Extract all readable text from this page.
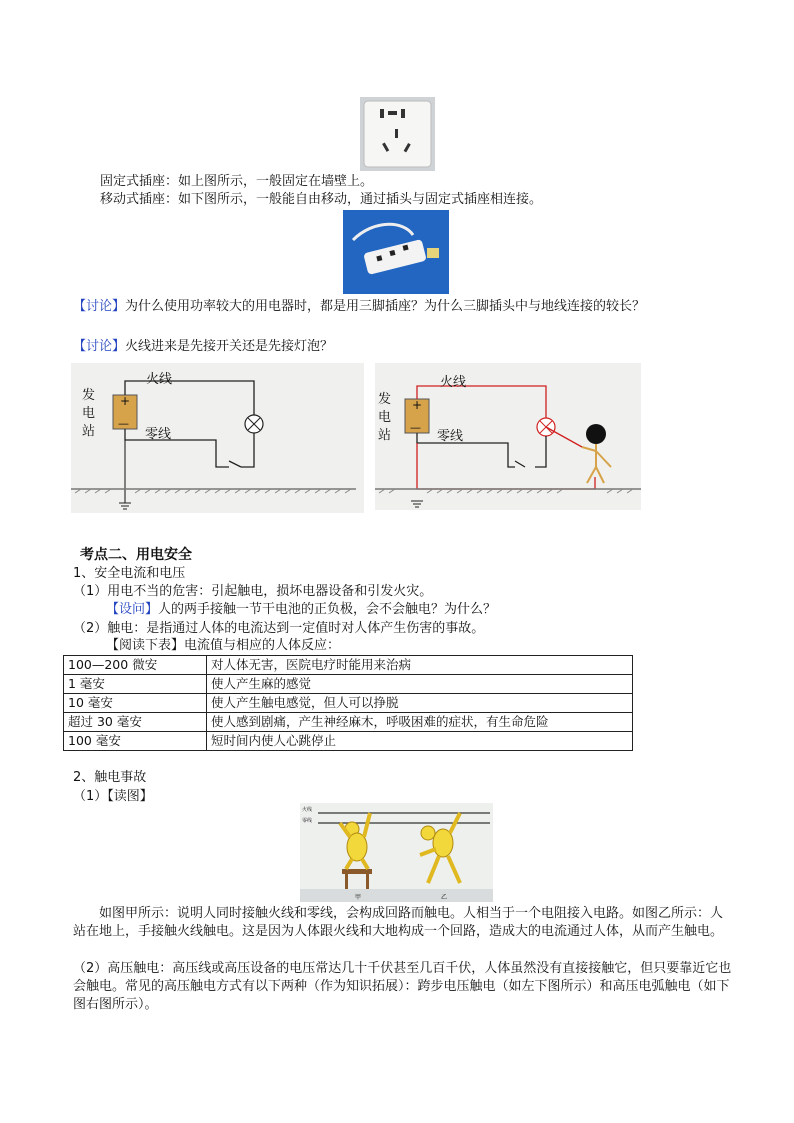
固定式插座：如上图所示，一般固定在墙壁上。
移动式插座：如下图所示，一般能自由移动，通过插头与固定式插座相连接。
【讨论】为什么使用功率较大的用电器时，都是用三脚插座？为什么三脚插头中与地线连接的较长？
【讨论】火线进来是先接开关还是先接灯泡？
发
电
站
+
—
火线
零线
发
电
站
+
—
火线
零线
考点二、用电安全
1、安全电流和电压
（1）用电不当的危害：引起触电，损坏电器设备和引发火灾。
【设问】人的两手接触一节干电池的正负极，会不会触电？为什么？
（2）触电：是指通过人体的电流达到一定值时对人体产生伤害的事故。
【阅读下表】电流值与相应的人体反应：
100—200 微安	对人体无害，医院电疗时能用来治病
1 毫安	使人产生麻的感觉
10 毫安	使人产生触电感觉，但人可以挣脱
超过 30 毫安	使人感到剧痛，产生神经麻木，呼吸困难的症状，有生命危险
100 毫安	短时间内使人心跳停止
2、触电事故
（1）【读图】
火线
零线
甲	乙
如图甲所示：说明人同时接触火线和零线，会构成回路而触电。人相当于一个电阻接入电路。如图乙所示：人站在地上，手接触火线触电。这是因为人体跟火线和大地构成一个回路，造成大的电流通过人体，从而产生触电。
（2）高压触电：高压线或高压设备的电压常达几十千伏甚至几百千伏，人体虽然没有直接接触它，但只要靠近它也会触电。常见的高压触电方式有以下两种（作为知识拓展）：跨步电压触电（如左下图所示）和高压电弧触电（如下图右图所示）。
